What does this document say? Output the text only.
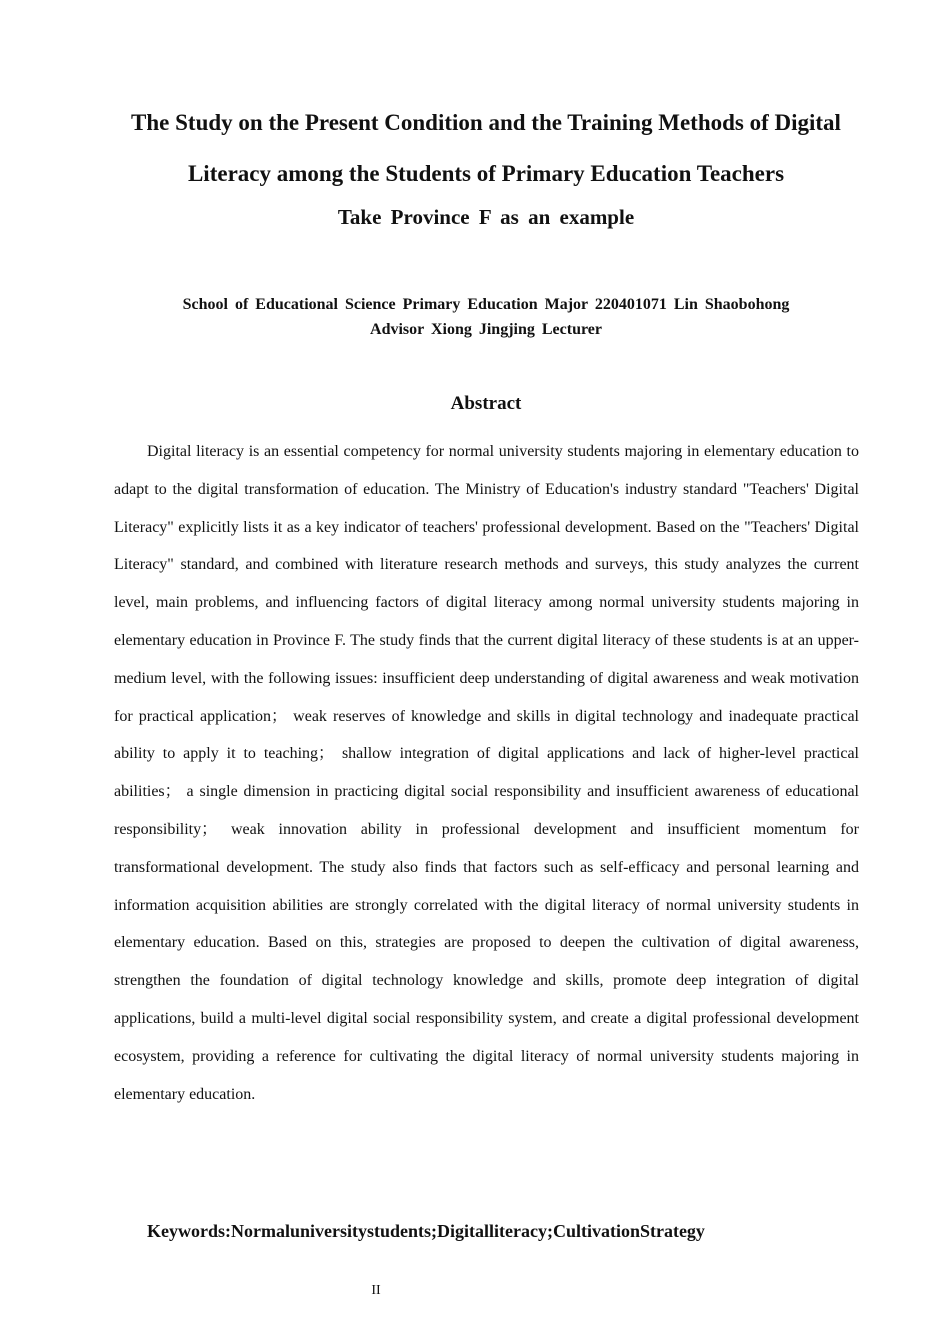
The Study on the Present Condition and the Training Methods of Digital Literacy among the Students of Primary Education Teachers
Take Province F as an example
School of Educational Science Primary Education Major 220401071 Lin Shaobohong
Advisor Xiong Jingjing Lecturer
Abstract

Digital literacy is an essential competency for normal university students majoring in elementary education to adapt to the digital transformation of education. The Ministry of Education's industry standard "Teachers' Digital Literacy" explicitly lists it as a key indicator of teachers' professional development. Based on the "Teachers' Digital Literacy" standard, and combined with literature research methods and surveys, this study analyzes the current level, main problems, and influencing factors of digital literacy among normal university students majoring in elementary education in Province F. The study finds that the current digital literacy of these students is at an upper-medium level, with the following issues: insufficient deep understanding of digital awareness and weak motivation for practical application； weak reserves of knowledge and skills in digital technology and inadequate practical ability to apply it to teaching； shallow integration of digital applications and lack of higher-level practical abilities； a single dimension in practicing digital social responsibility and insufficient awareness of educational responsibility； weak innovation ability in professional development and insufficient momentum for transformational development. The study also finds that factors such as self-efficacy and personal learning and information acquisition abilities are strongly correlated with the digital literacy of normal university students in elementary education. Based on this, strategies are proposed to deepen the cultivation of digital awareness, strengthen the foundation of digital technology knowledge and skills, promote deep integration of digital applications, build a multi-level digital social responsibility system, and create a digital professional development ecosystem, providing a reference for cultivating the digital literacy of normal university students majoring in elementary education.

Keywords:Normaluniversitystudents;Digitalliteracy;CultivationStrategy

II
